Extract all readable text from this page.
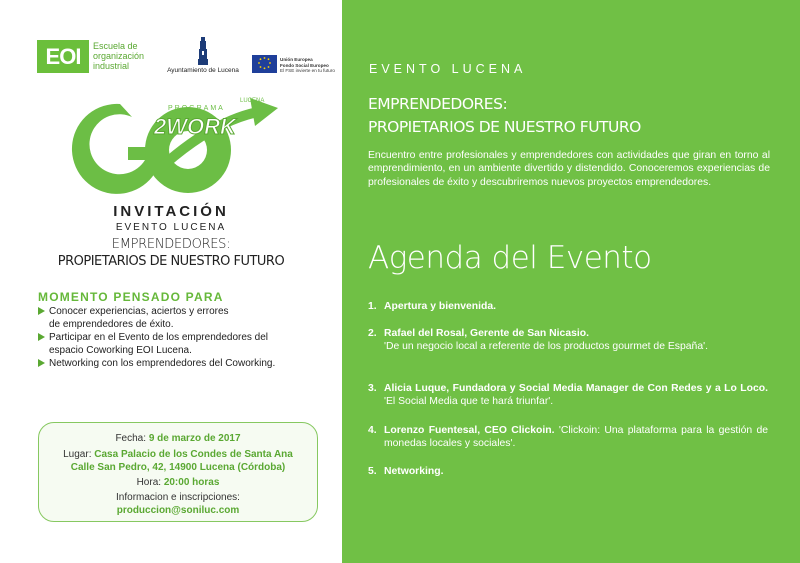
EOI	Escuela de
organización
industrial	Ayuntamiento de Lucena
Unión Europea
Fondo Social Europeo
El FSE invierte en tu futuro
PROGRAMA
2WORK
LUCENA
INVITACIÓN
EVENTO LUCENA
EMPRENDEDORES:
PROPIETARIOS DE NUESTRO FUTURO
MOMENTO PENSADO PARA
Conocer experiencias, aciertos y errores
de emprendedores de éxito.
Participar en el Evento de los emprendedores del
espacio Coworking EOI Lucena.
Networking con los emprendedores del Coworking.
Fecha: 9 de marzo de 2017
Lugar: Casa Palacio de los Condes de Santa Ana
Calle San Pedro, 42, 14900 Lucena (Córdoba)
Hora: 20:00 horas
Informacion e inscripciones:
produccion@soniluc.com
EVENTO LUCENA
EMPRENDEDORES:
PROPIETARIOS DE NUESTRO FUTURO
Encuentro entre profesionales y emprendedores con actividades que giran en torno al emprendimiento, en un ambiente divertido y distendido. Conoceremos experiencias de profesionales de éxito y descubriremos nuevos proyectos emprendedores.
Agenda del Evento
1. Apertura y bienvenida.
2. Rafael del Rosal, Gerente de San Nicasio.
'De un negocio local a referente de los productos gourmet de España'.
3. Alicia Luque, Fundadora y Social Media Manager de Con Redes y a Lo Loco. 'El Social Media que te hará triunfar'.
4. Lorenzo Fuentesal, CEO Clickoin. 'Clickoin: Una plataforma para la gestión de monedas locales y sociales'.
5. Networking.
